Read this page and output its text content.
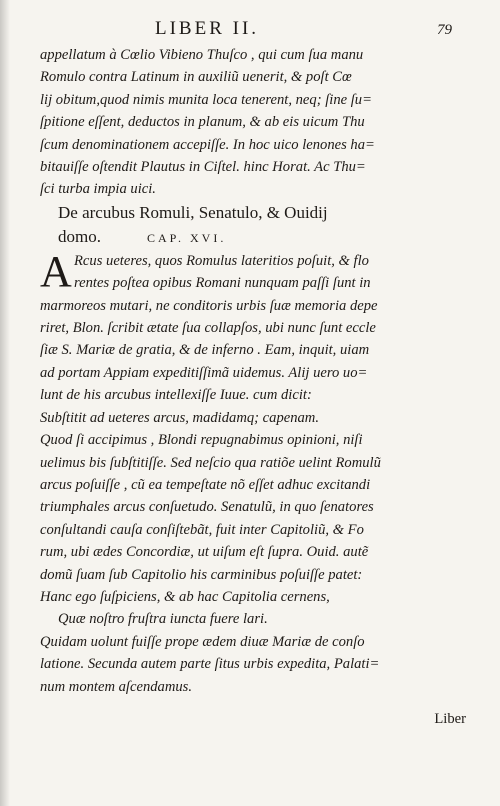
LIBER II.	79
appellatum à Cœlio Vibieno Thuſco , qui cum ſua manu
Romulo contra Latinum in auxiliũ uenerit, & poſt Cœ
lij obitum,quod nimis munita loca tenerent, neq; ſine ſu=
ſpitione eſſent, deductos in planum, & ab eis uicum Thu
ſcum denominationem accepiſſe. In hoc uico lenones ha=
bitauiſſe oſtendit Plautus in Ciſtel. hinc Horat. Ac Thu=
ſci turba impia uici.
De arcubus Romuli, Senatulo, & Ouidij
domo.	CAP. XVI.
A Rcus ueteres, quos Romulus lateritios poſuit, & flo
rentes poſtea opibus Romani nunquam paſſi ſunt in
marmoreos mutari, ne conditoris urbis ſuæ memoria depe
riret, Blon. ſcribit ætate ſua collapſos, ubi nunc ſunt eccle
ſiæ S. Mariæ de gratia, & de inferno . Eam, inquit, uiam
ad portam Appiam expeditiſſimã uidemus. Alij uero uo=
lunt de his arcubus intellexiſſe Iuue. cum dicit:
Subſtitit ad ueteres arcus, madidamq; capenam.
Quod ſi accipimus , Blondi repugnabimus opinioni, niſi
uelimus bis ſubſtitiſſe. Sed neſcio qua ratiõe uelint Romulũ
arcus poſuiſſe , cũ ea tempeſtate nõ eſſet adhuc excitandi
triumphales arcus conſuetudo. Senatulũ, in quo ſenatores
conſultandi cauſa conſiſtebãt, fuit inter Capitoliũ, & Fo
rum, ubi ædes Concordiæ, ut uiſum eſt ſupra. Ouid. autẽ
domũ ſuam ſub Capitolio his carminibus poſuiſſe patet:
Hanc ego ſuſpiciens, & ab hac Capitolia cernens,
Quæ noſtro fruſtra iuncta fuere lari.
Quidam uolunt fuiſſe prope ædem diuæ Mariæ de conſo
latione. Secunda autem parte ſitus urbis expedita, Palati=
num montem aſcendamus.
Liber
